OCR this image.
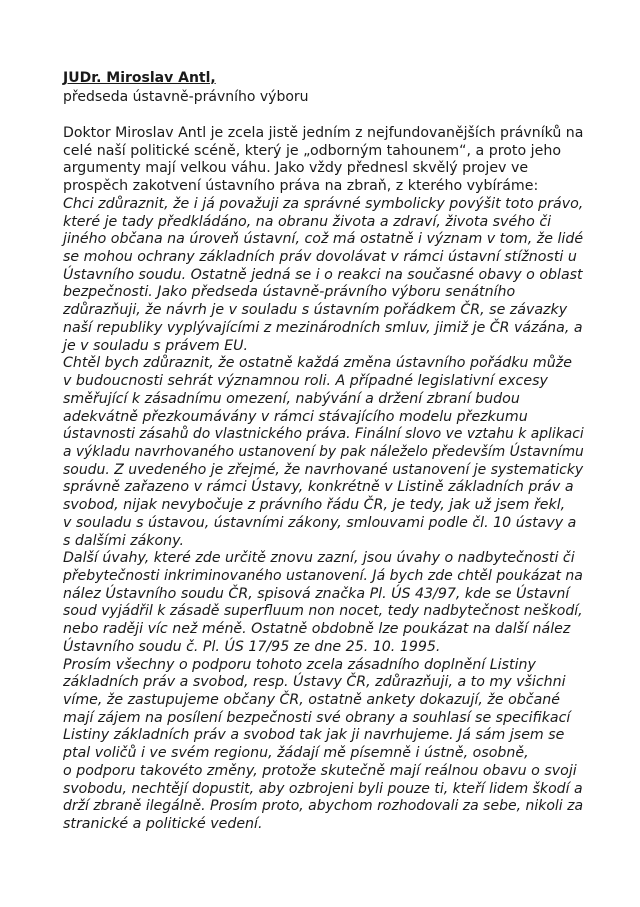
JUDr. Miroslav Antl,

předseda ústavně-právního výboru

Doktor Miroslav Antl je zcela jistě jedním z nejfundovanějších právníků na

celé naší politické scéně, který je „odborným tahounem“, a proto jeho

argumenty mají velkou váhu. Jako vždy přednesl skvělý projev ve

prospěch zakotvení ústavního práva na zbraň, z kterého vybíráme:

Chci zdůraznit, že i já považuji za správné symbolicky povýšit toto právo,

které je tady předkládáno, na obranu života a zdraví, života svého či

jiného občana na úroveň ústavní, což má ostatně i význam v tom, že lidé

se mohou ochrany základních práv dovolávat v rámci ústavní stížnosti u

Ústavního soudu. Ostatně jedná se i o reakci na současné obavy o oblast

bezpečnosti. Jako předseda ústavně-právního výboru senátního

zdůrazňuji, že návrh je v souladu s ústavním pořádkem ČR, se závazky

naší republiky vyplývajícími z mezinárodních smluv, jimiž je ČR vázána, a

je v souladu s právem EU.

Chtěl bych zdůraznit, že ostatně každá změna ústavního pořádku může

v budoucnosti sehrát významnou roli. A případné legislativní excesy

směřující k zásadnímu omezení, nabývání a držení zbraní budou

adekvátně přezkoumávány v rámci stávajícího modelu přezkumu

ústavnosti zásahů do vlastnického práva. Finální slovo ve vztahu k aplikaci

a výkladu navrhovaného ustanovení by pak náleželo především Ústavnímu

soudu. Z uvedeného je zřejmé, že navrhované ustanovení je systematicky

správně zařazeno v rámci Ústavy, konkrétně v Listině základních práv a

svobod, nijak nevybočuje z právního řádu ČR, je tedy, jak už jsem řekl,

v souladu s ústavou, ústavními zákony, smlouvami podle čl. 10 ústavy a

s dalšími zákony.

Další úvahy, které zde určitě znovu zazní, jsou úvahy o nadbytečnosti či

přebytečnosti inkriminovaného ustanovení. Já bych zde chtěl poukázat na

nález Ústavního soudu ČR, spisová značka Pl. ÚS 43/97, kde se Ústavní

soud vyjádřil k zásadě superfluum non nocet, tedy nadbytečnost neškodí,

nebo raději víc než méně. Ostatně obdobně lze poukázat na další nález

Ústavního soudu č. Pl. ÚS 17/95 ze dne 25. 10. 1995.

Prosím všechny o podporu tohoto zcela zásadního doplnění Listiny

základních práv a svobod, resp. Ústavy ČR, zdůrazňuji, a to my všichni

víme, že zastupujeme občany ČR, ostatně ankety dokazují, že občané

mají zájem na posílení bezpečnosti své obrany a souhlasí se specifikací

Listiny základních práv a svobod tak jak ji navrhujeme. Já sám jsem se

ptal voličů i ve svém regionu, žádají mě písemně i ústně, osobně,

o podporu takovéto změny, protože skutečně mají reálnou obavu o svoji

svobodu, nechtějí dopustit, aby ozbrojeni byli pouze ti, kteří lidem škodí a

drží zbraně ilegálně. Prosím proto, abychom rozhodovali za sebe, nikoli za

stranické a politické vedení.
